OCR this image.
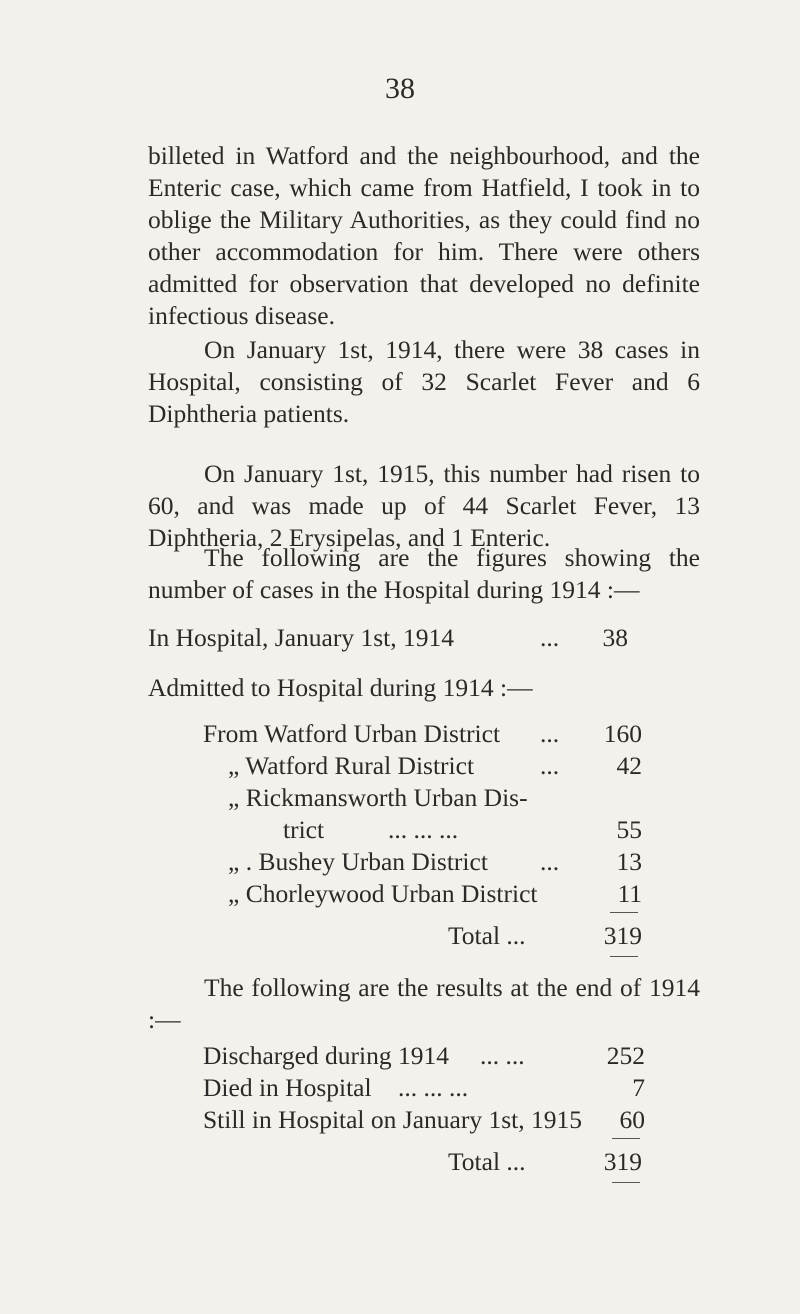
38

billeted in Watford and the neighbourhood, and the Enteric case, which came from Hatfield, I took in to oblige the Military Authorities, as they could find no other accommodation for him. There were others admitted for observation that developed no definite infectious disease.

On January 1st, 1914, there were 38 cases in Hospital, consisting of 32 Scarlet Fever and 6 Diphtheria patients.

On January 1st, 1915, this number had risen to 60, and was made up of 44 Scarlet Fever, 13 Diphtheria, 2 Erysipelas, and 1 Enteric.

The following are the figures showing the number of cases in the Hospital during 1914 :—

In Hospital, January 1st, 1914	...	38
Admitted to Hospital during 1914 :—
From Watford Urban District ...	160
„ Watford Rural District	...	42
„ Rickmansworth Urban Dis-
trict	... ... ...	55
„ . Bushey Urban District ...	13
„ Chorleywood Urban District	11
Total ...	319

The following are the results at the end of 1914 :—

Discharged during 1914 ... ...	252
Died in Hospital ... ... ...	7
Still in Hospital on January 1st, 1915	60
Total ...	319
